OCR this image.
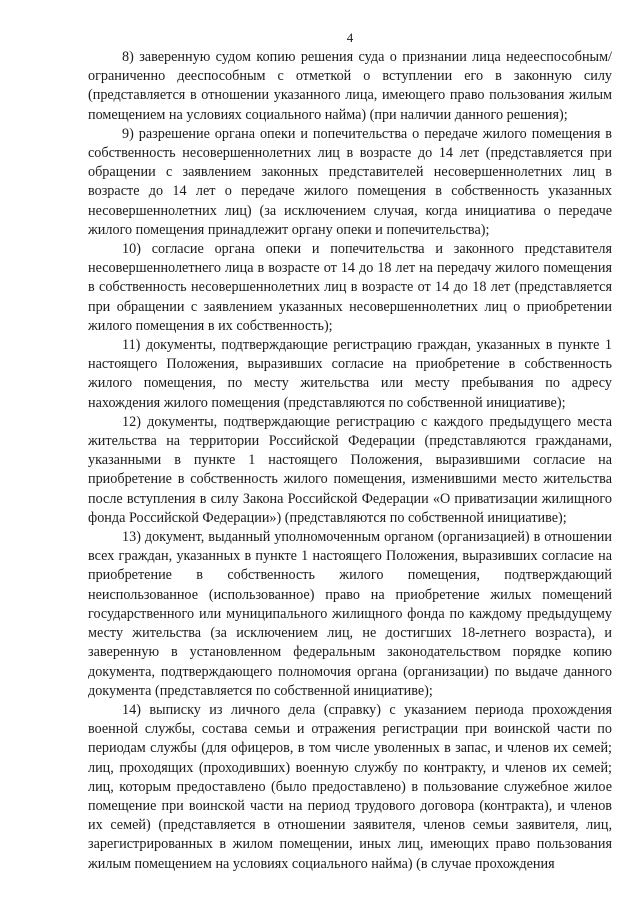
4

8) заверенную судом копию решения суда о признании лица недееспособным/ограниченно дееспособным с отметкой о вступлении его в законную силу (представляется в отношении указанного лица, имеющего право пользования жилым помещением на условиях социального найма) (при наличии данного решения);

9) разрешение органа опеки и попечительства о передаче жилого помещения в собственность несовершеннолетних лиц в возрасте до 14 лет (представляется при обращении с заявлением законных представителей несовершеннолетних лиц в возрасте до 14 лет о передаче жилого помещения в собственность указанных несовершеннолетних лиц) (за исключением случая, когда инициатива о передаче жилого помещения принадлежит органу опеки и попечительства);

10) согласие органа опеки и попечительства и законного представителя несовершеннолетнего лица в возрасте от 14 до 18 лет на передачу жилого помещения в собственность несовершеннолетних лиц в возрасте от 14 до 18 лет (представляется при обращении с заявлением указанных несовершеннолетних лиц о приобретении жилого помещения в их собственность);

11) документы, подтверждающие регистрацию граждан, указанных в пункте 1 настоящего Положения, выразивших согласие на приобретение в собственность жилого помещения, по месту жительства или месту пребывания по адресу нахождения жилого помещения (представляются по собственной инициативе);

12) документы, подтверждающие регистрацию с каждого предыдущего места жительства на территории Российской Федерации (представляются гражданами, указанными в пункте 1 настоящего Положения, выразившими согласие на приобретение в собственность жилого помещения, изменившими место жительства после вступления в силу Закона Российской Федерации «О приватизации жилищного фонда Российской Федерации») (представляются по собственной инициативе);

13) документ, выданный уполномоченным органом (организацией) в отношении всех граждан, указанных в пункте 1 настоящего Положения, выразивших согласие на приобретение в собственность жилого помещения, подтверждающий неиспользованное (использованное) право на приобретение жилых помещений государственного или муниципального жилищного фонда по каждому предыдущему месту жительства (за исключением лиц, не достигших 18-летнего возраста), и заверенную в установленном федеральным законодательством порядке копию документа, подтверждающего полномочия органа (организации) по выдаче данного документа (представляется по собственной инициативе);

14) выписку из личного дела (справку) с указанием периода прохождения военной службы, состава семьи и отражения регистрации при воинской части по периодам службы (для офицеров, в том числе уволенных в запас, и членов их семей; лиц, проходящих (проходивших) военную службу по контракту, и членов их семей; лиц, которым предоставлено (было предоставлено) в пользование служебное жилое помещение при воинской части на период трудового договора (контракта), и членов их семей) (представляется в отношении заявителя, членов семьи заявителя, лиц, зарегистрированных в жилом помещении, иных лиц, имеющих право пользования жилым помещением на условиях социального найма) (в случае прохождения
